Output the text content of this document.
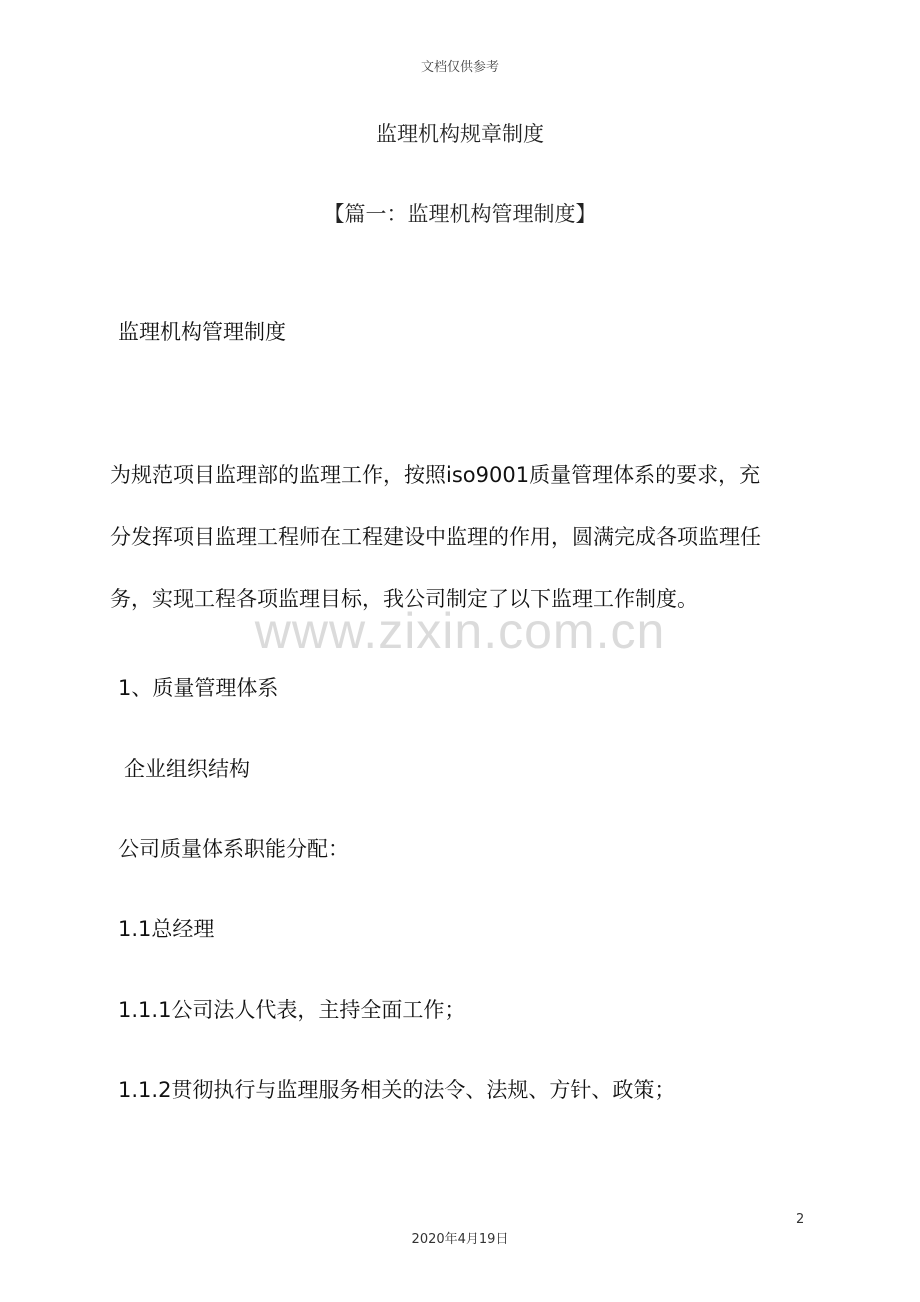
文档仅供参考
监理机构规章制度
【篇一：监理机构管理制度】
监理机构管理制度
为规范项目监理部的监理工作，按照iso9001质量管理体系的要求，充
分发挥项目监理工程师在工程建设中监理的作用，圆满完成各项监理任
务，实现工程各项监理目标，我公司制定了以下监理工作制度。
www.zixin.com.cn
1、质量管理体系
企业组织结构
公司质量体系职能分配：
1.1总经理
1.1.1公司法人代表，主持全面工作；
1.1.2贯彻执行与监理服务相关的法令、法规、方针、政策；
2
2020年4月19日
